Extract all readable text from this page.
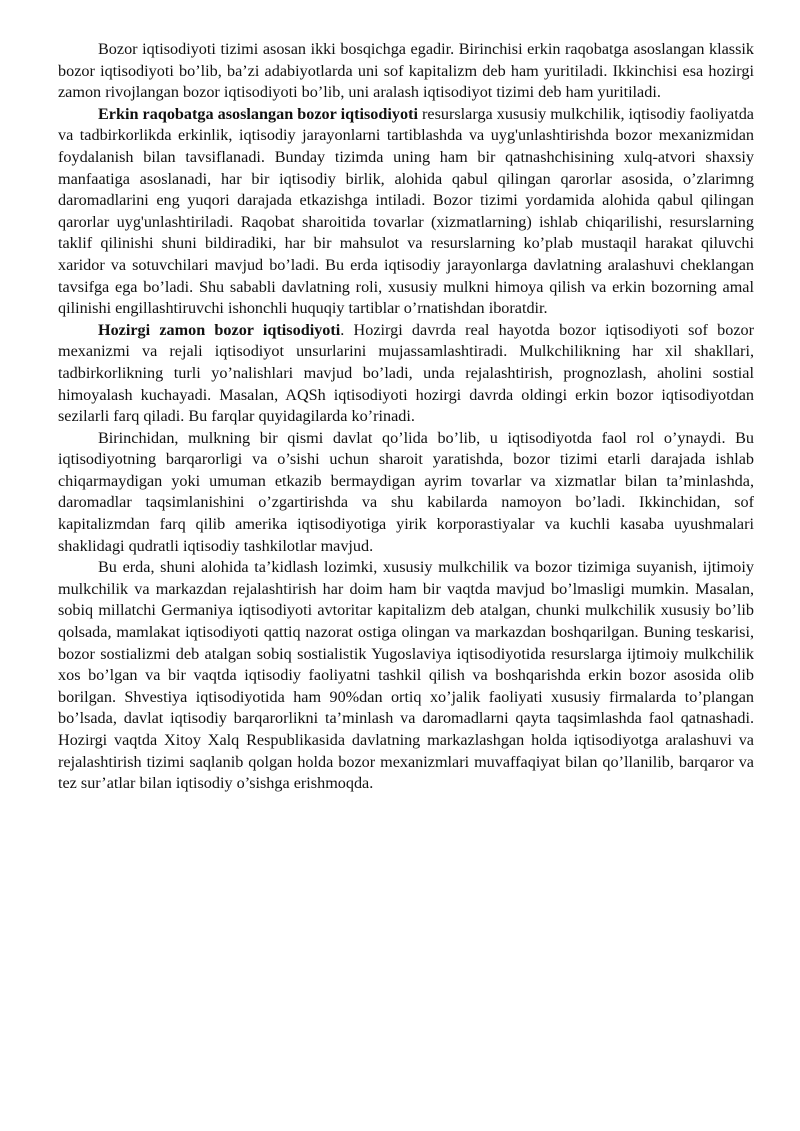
Bozor iqtisodiyoti tizimi asosan ikki bosqichga egadir. Birinchisi erkin raqobatga asoslangan klassik bozor iqtisodiyoti bo’lib, ba’zi adabiyotlarda uni sof kapitalizm deb ham yuritiladi. Ikkinchisi esa hozirgi zamon rivojlangan bozor iqtisodiyoti bo’lib, uni aralash iqtisodiyot tizimi deb ham yuritiladi.

Erkin raqobatga asoslangan bozor iqtisodiyoti resurslarga xususiy mulkchilik, iqtisodiy faoliyatda va tadbirkorlikda erkinlik, iqtisodiy jarayonlarni tartiblashda va uyg'unlashtirishda bozor mexanizmidan foydalanish bilan tavsiflanadi. Bunday tizimda uning ham bir qatnashchisining xulq-atvori shaxsiy manfaatiga asoslanadi, har bir iqtisodiy birlik, alohida qabul qilingan qarorlar asosida, o’zlarimng daromadlarini eng yuqori darajada etkazishga intiladi. Bozor tizimi yordamida alohida qabul qilingan qarorlar uyg'unlashtiriladi. Raqobat sharoitida tovarlar (xizmatlarning) ishlab chiqarilishi, resurslarning taklif qilinishi shuni bildiradiki, har bir mahsulot va resurslarning ko’plab mustaqil harakat qiluvchi xaridor va sotuvchilari mavjud bo’ladi. Bu erda iqtisodiy jarayonlarga davlatning aralashuvi cheklangan tavsifga ega bo’ladi. Shu sababli davlatning roli, xususiy mulkni himoya qilish va erkin bozorning amal qilinishi engillashtiruvchi ishonchli huquqiy tartiblar o’rnatishdan iboratdir.

Hozirgi zamon bozor iqtisodiyoti. Hozirgi davrda real hayotda bozor iqtisodiyoti sof bozor mexanizmi va rejali iqtisodiyot unsurlarini mujassamlashtiradi. Mulkchilikning har xil shakllari, tadbirkorlikning turli yo’nalishlari mavjud bo’ladi, unda rejalashtirish, prognozlash, aholini sostial himoyalash kuchayadi. Masalan, AQSh iqtisodiyoti hozirgi davrda oldingi erkin bozor iqtisodiyotdan sezilarli farq qiladi. Bu farqlar quyidagilarda ko’rinadi.

Birinchidan, mulkning bir qismi davlat qo’lida bo’lib, u iqtisodiyotda faol rol o’ynaydi. Bu iqtisodiyotning barqarorligi va o’sishi uchun sharoit yaratishda, bozor tizimi etarli darajada ishlab chiqarmaydigan yoki umuman etkazib bermaydigan ayrim tovarlar va xizmatlar bilan ta’minlashda, daromadlar taqsimlanishini o’zgartirishda va shu kabilarda namoyon bo’ladi. Ikkinchidan, sof kapitalizmdan farq qilib amerika iqtisodiyotiga yirik korporastiyalar va kuchli kasaba uyushmalari shaklidagi qudratli iqtisodiy tashkilotlar mavjud.

Bu erda, shuni alohida ta’kidlash lozimki, xususiy mulkchilik va bozor tizimiga suyanish, ijtimoiy mulkchilik va markazdan rejalashtirish har doim ham bir vaqtda mavjud bo’lmasligi mumkin. Masalan, sobiq millatchi Germaniya iqtisodiyoti avtoritar kapitalizm deb atalgan, chunki mulkchilik xususiy bo’lib qolsada, mamlakat iqtisodiyoti qattiq nazorat ostiga olingan va markazdan boshqarilgan. Buning teskarisi, bozor sostializmi deb atalgan sobiq sostialistik Yugoslaviya iqtisodiyotida resurslarga ijtimoiy mulkchilik xos bo’lgan va bir vaqtda iqtisodiy faoliyatni tashkil qilish va boshqarishda erkin bozor asosida olib borilgan. Shvestiya iqtisodiyotida ham 90%dan ortiq xo’jalik faoliyati xususiy firmalarda to’plangan bo’lsada, davlat iqtisodiy barqarorlikni ta’minlash va daromadlarni qayta taqsimlashda faol qatnashadi. Hozirgi vaqtda Xitoy Xalq Respublikasida davlatning markazlashgan holda iqtisodiyotga aralashuvi va rejalashtirish tizimi saqlanib qolgan holda bozor mexanizmlari muvaffaqiyat bilan qo’llanilib, barqaror va tez sur’atlar bilan iqtisodiy o’sishga erishmoqda.
